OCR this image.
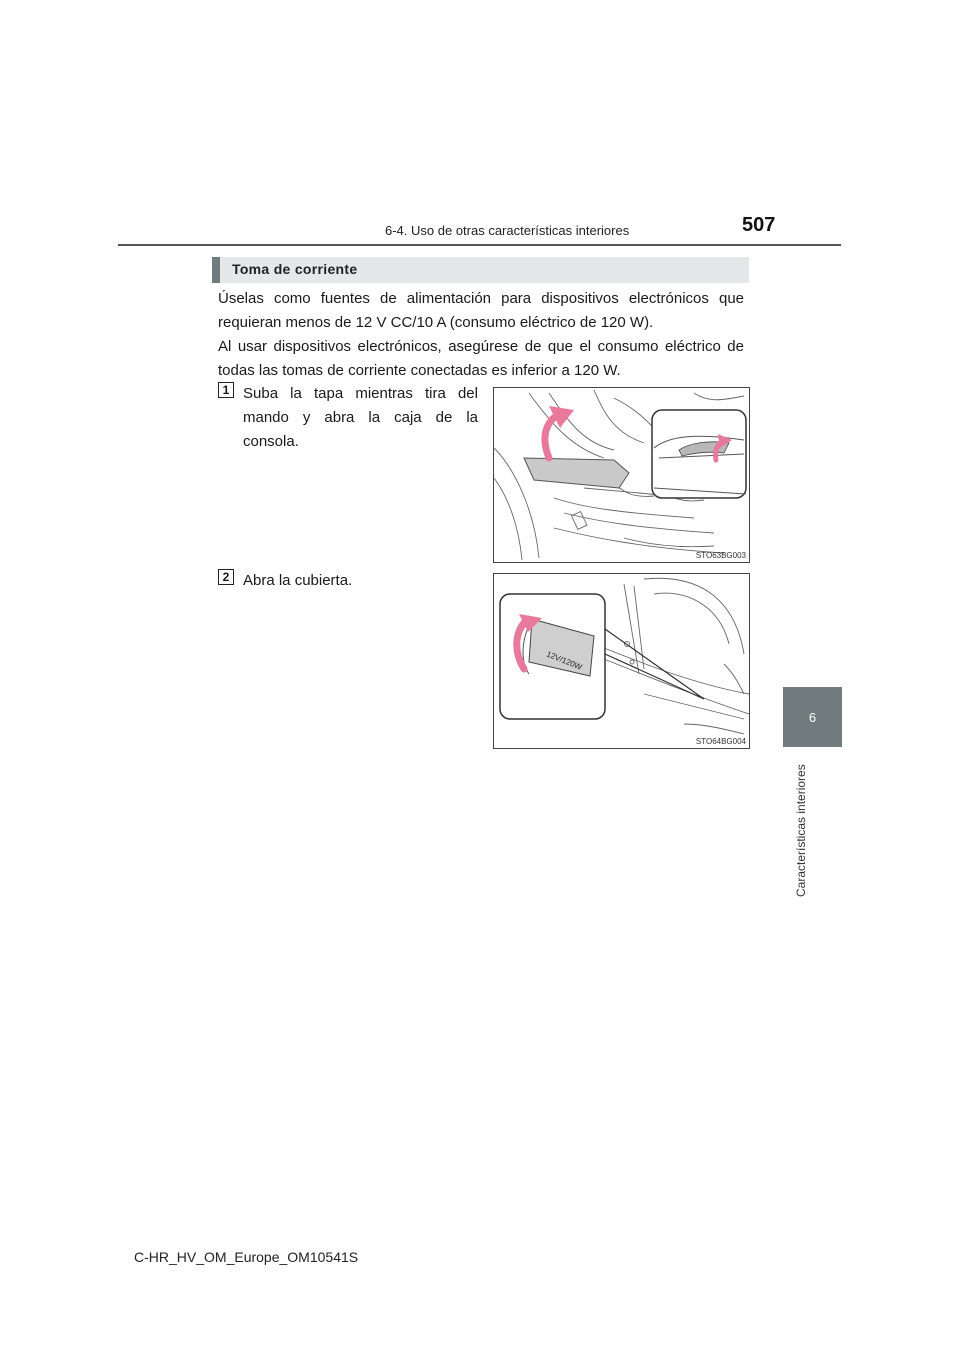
6-4. Uso de otras características interiores	507
6
Características interiores
Toma de corriente
Úselas como fuentes de alimentación para dispositivos electrónicos que requieran menos de 12 V CC/10 A (consumo eléctrico de 120 W).
Al usar dispositivos electrónicos, asegúrese de que el consumo eléctrico de todas las tomas de corriente conectadas es inferior a 120 W.
1 Suba la tapa mientras tira del mando y abra la caja de la consola.
STO63BG003
2 Abra la cubierta.
12V/120W
STO64BG004
C-HR_HV_OM_Europe_OM10541S
